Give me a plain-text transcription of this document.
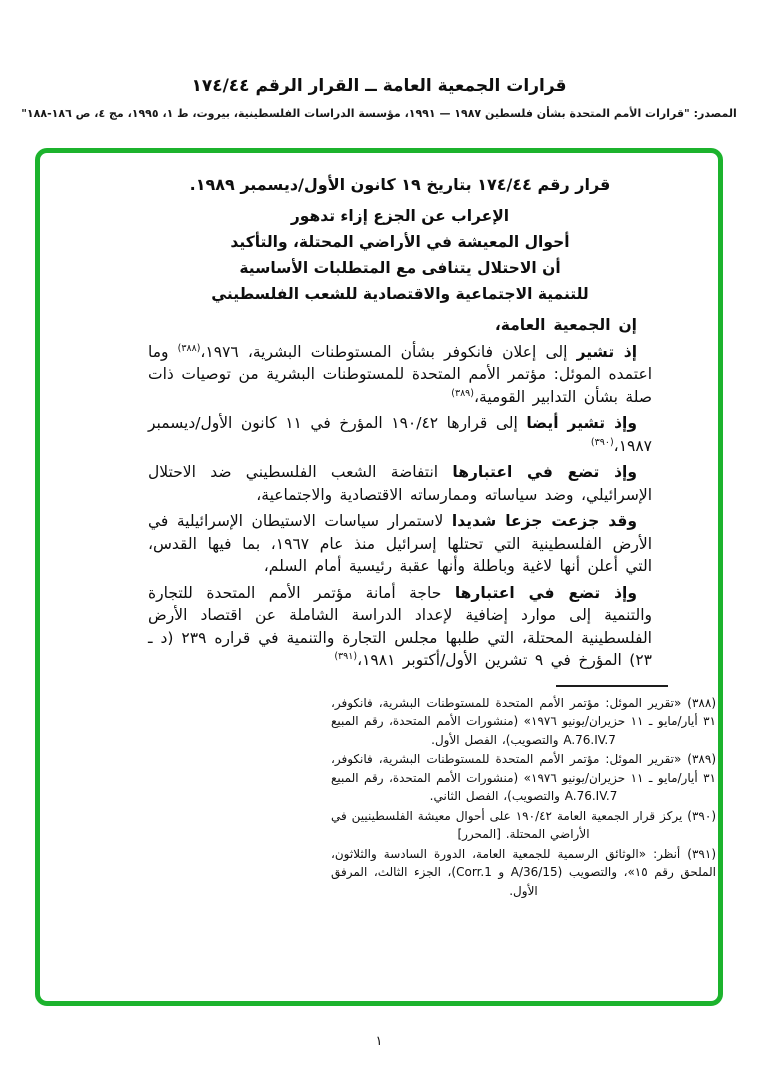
قرارات الجمعية العامة ــ القرار الرقم ١٧٤/٤٤
المصدر: "قرارات الأمم المتحدة بشأن فلسطين ١٩٨٧ — ١٩٩١، مؤسسة الدراسات الفلسطينية، بيروت، ط ١، ١٩٩٥، مج ٤، ص ١٨٦-١٨٨"
قرار رقم ١٧٤/٤٤ بتاريخ ١٩ كانون الأول/ديسمبر ١٩٨٩.
الإعراب عن الجزع إزاء تدهور
أحوال المعيشة في الأراضي المحتلة، والتأكيد
أن الاحتلال يتنافى مع المتطلبات الأساسية
للتنمية الاجتماعية والاقتصادية للشعب الفلسطيني

إن الجمعية العامة،

إذ تشير إلى إعلان فانكوفر بشأن المستوطنات البشرية، ١٩٧٦،$^{(٣٨٨)}$ وما اعتمده الموئل: مؤتمر الأمم المتحدة للمستوطنات البشرية من توصيات ذات صلة بشأن التدابير القومية،$^{(٣٨٩)}$

وإذ تشير أيضا إلى قرارها ١٩٠/٤٢ المؤرخ في ١١ كانون الأول/ديسمبر ١٩٨٧،$^{(٣٩٠)}$

وإذ تضع في اعتبارها انتفاضة الشعب الفلسطيني ضد الاحتلال الإسرائيلي، وضد سياساته وممارساته الاقتصادية والاجتماعية،

وقد جزعت جزعا شديدا لاستمرار سياسات الاستيطان الإسرائيلية في الأرض الفلسطينية التي تحتلها إسرائيل منذ عام ١٩٦٧، بما فيها القدس، التي أعلن أنها لاغية وباطلة وأنها عقبة رئيسية أمام السلم،

وإذ تضع في اعتبارها حاجة أمانة مؤتمر الأمم المتحدة للتجارة والتنمية إلى موارد إضافية لإعداد الدراسة الشاملة عن اقتصاد الأرض الفلسطينية المحتلة، التي طلبها مجلس التجارة والتنمية في قراره ٢٣٩ (د ـ ٢٣) المؤرخ في ٩ تشرين الأول/أكتوبر ١٩٨١،$^{(٣٩١)}$

(٣٨٨) «تقرير الموئل: مؤتمر الأمم المتحدة للمستوطنات البشرية، فانكوفر، ٣١ أيار/مايو ـ ١١ حزيران/يونيو ١٩٧٦» (منشورات الأمم المتحدة، رقم المبيع A.76.IV.7 والتصويب)، الفصل الأول.

(٣٨٩) «تقرير الموئل: مؤتمر الأمم المتحدة للمستوطنات البشرية، فانكوفر، ٣١ أيار/مايو ـ ١١ حزيران/يونيو ١٩٧٦» (منشورات الأمم المتحدة، رقم المبيع A.76.IV.7 والتصويب)، الفصل الثاني.

(٣٩٠) يركز قرار الجمعية العامة ١٩٠/٤٢ على أحوال معيشة الفلسطينيين في الأراضي المحتلة. [المحرر]

(٣٩١) أنظر: «الوثائق الرسمية للجمعية العامة، الدورة السادسة والثلاثون، الملحق رقم ١٥»، والتصويب (A/36/15 و Corr.1)، الجزء الثالث، المرفق الأول.

١
